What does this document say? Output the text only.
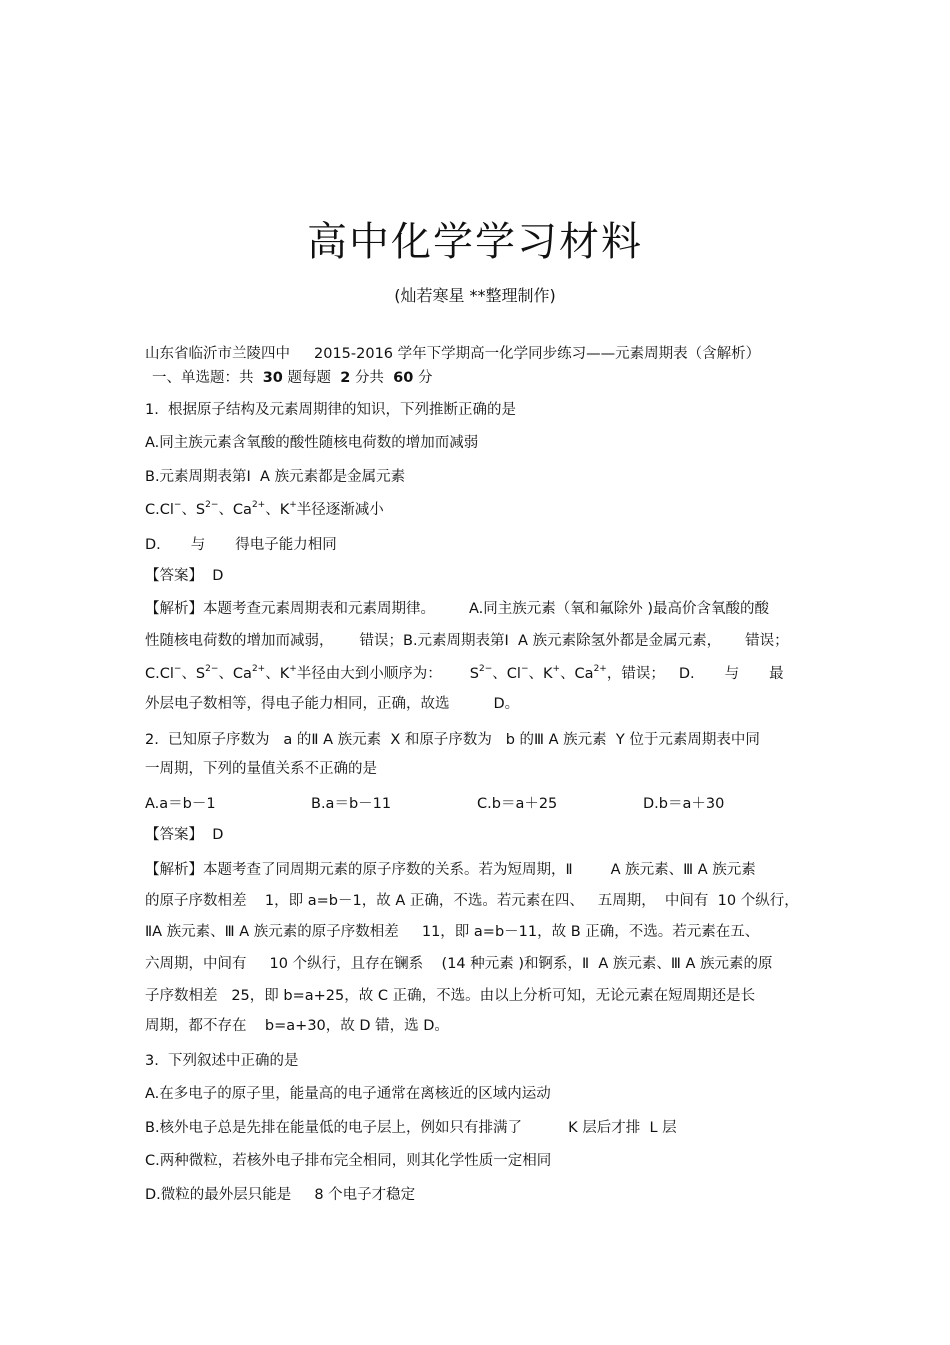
高中化学学习材料
(灿若寒星 **整理制作)
山东省临沂市兰陵四中 2015-2016 学年下学期高一化学同步练习——元素周期表（含解析）
一、单选题：共 30 题每题 2 分共 60 分
1.  根据原子结构及元素周期律的知识，下列推断正确的是
A.同主族元素含氧酸的酸性随核电荷数的增加而减弱
B.元素周期表第Ⅰ  A 族元素都是金属元素
C.Cl−、$S^{2-}$、$Ca^{2+}$、K+半径逐渐减小
D. 与 得电子能力相同
【答案】 D
【解析】本题考查元素周期表和元素周期律。 A.同主族元素（氧和氟除外 )最高价含氧酸的酸
性随核电荷数的增加而减弱， 错误；B.元素周期表第Ⅰ  A 族元素除氢外都是金属元素， 错误；
C.Cl−、$S^{2-}$、$Ca^{2+}$、K+半径由大到小顺序为： $S^{2-}$、Cl−、K+、$Ca^{2+}$，错误； D. 与 最
外层电子数相等，得电子能力相同，正确，故选	D。
2.  已知原子序数为   a 的Ⅱ A 族元素  X 和原子序数为   b 的Ⅲ A 族元素  Y 位于元素周期表中同
一周期，下列的量值关系不正确的是
A.a＝b－1	B.a＝b－11	C.b＝a＋25	D.b＝a＋30
【答案】 D
【解析】本题考查了同周期元素的原子序数的关系。若为短周期，Ⅱ	A 族元素、Ⅲ A 族元素
的原子序数相差    1，即 a=b－1，故 A 正确，不选。若元素在四、   五周期，  中间有  10 个纵行，
ⅡA 族元素、Ⅲ A 族元素的原子序数相差     11，即 a=b－11，故 B 正确，不选。若元素在五、
六周期，中间有     10 个纵行，且存在镧系    (14 种元素 )和锕系，Ⅱ  A 族元素、Ⅲ A 族元素的原
子序数相差   25，即 b=a+25，故 C 正确，不选。由以上分析可知，无论元素在短周期还是长
周期，都不存在    b=a+30，故 D 错，选 D。
3.  下列叙述中正确的是
A.在多电子的原子里，能量高的电子通常在离核近的区域内运动
B.核外电子总是先排在能量低的电子层上，例如只有排满了          K 层后才排  L 层
C.两种微粒，若核外电子排布完全相同，则其化学性质一定相同
D.微粒的最外层只能是     8 个电子才稳定
